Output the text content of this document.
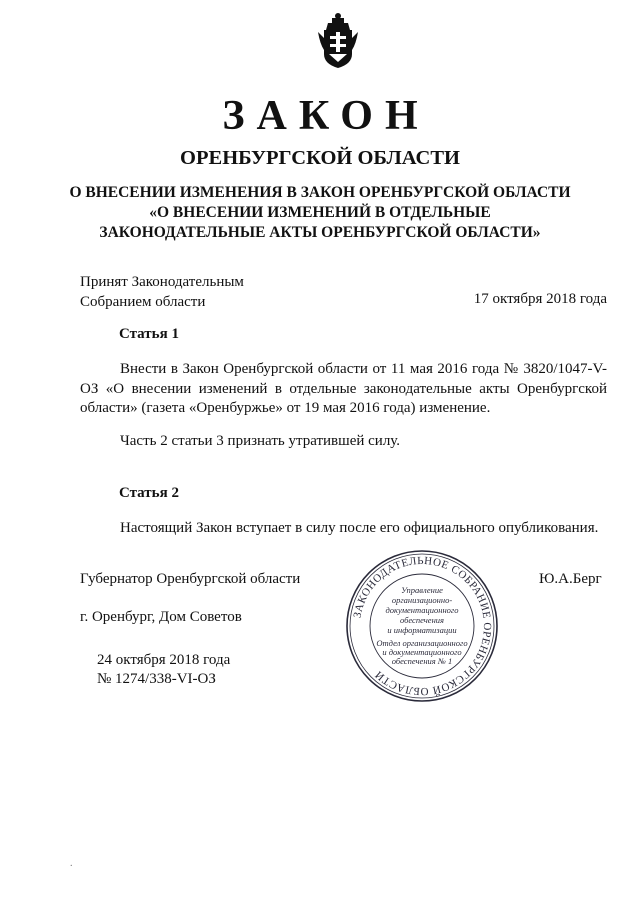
ЗАКОН
ОРЕНБУРГСКОЙ ОБЛАСТИ
О ВНЕСЕНИИ ИЗМЕНЕНИЯ В ЗАКОН ОРЕНБУРГСКОЙ ОБЛАСТИ
«О ВНЕСЕНИИ ИЗМЕНЕНИЙ В ОТДЕЛЬНЫЕ
ЗАКОНОДАТЕЛЬНЫЕ АКТЫ ОРЕНБУРГСКОЙ ОБЛАСТИ»
Принят Законодательным
Собранием области	17 октября 2018 года
Статья 1
Внести в Закон Оренбургской области от 11 мая 2016 года № 3820/1047-V-ОЗ «О внесении изменений в отдельные законодательные акты Оренбургской области» (газета «Оренбуржье» от 19 мая 2016 года) изменение.
Часть 2 статьи 3 признать утратившей силу.
Статья 2
Настоящий Закон вступает в силу после его официального опубликования.
Губернатор Оренбургской области	Ю.А.Берг
г. Оренбург, Дом Советов
24 октября 2018 года
№ 1274/338-VI-ОЗ
ЗАКОНОДАТЕЛЬНОЕ СОБРАНИЕ ОРЕНБУРГСКОЙ ОБЛАСТИ
Управление
организационно-
документационного
обеспечения
и информатизации
Отдел организационного
и документационного
обеспечения № 1
.
